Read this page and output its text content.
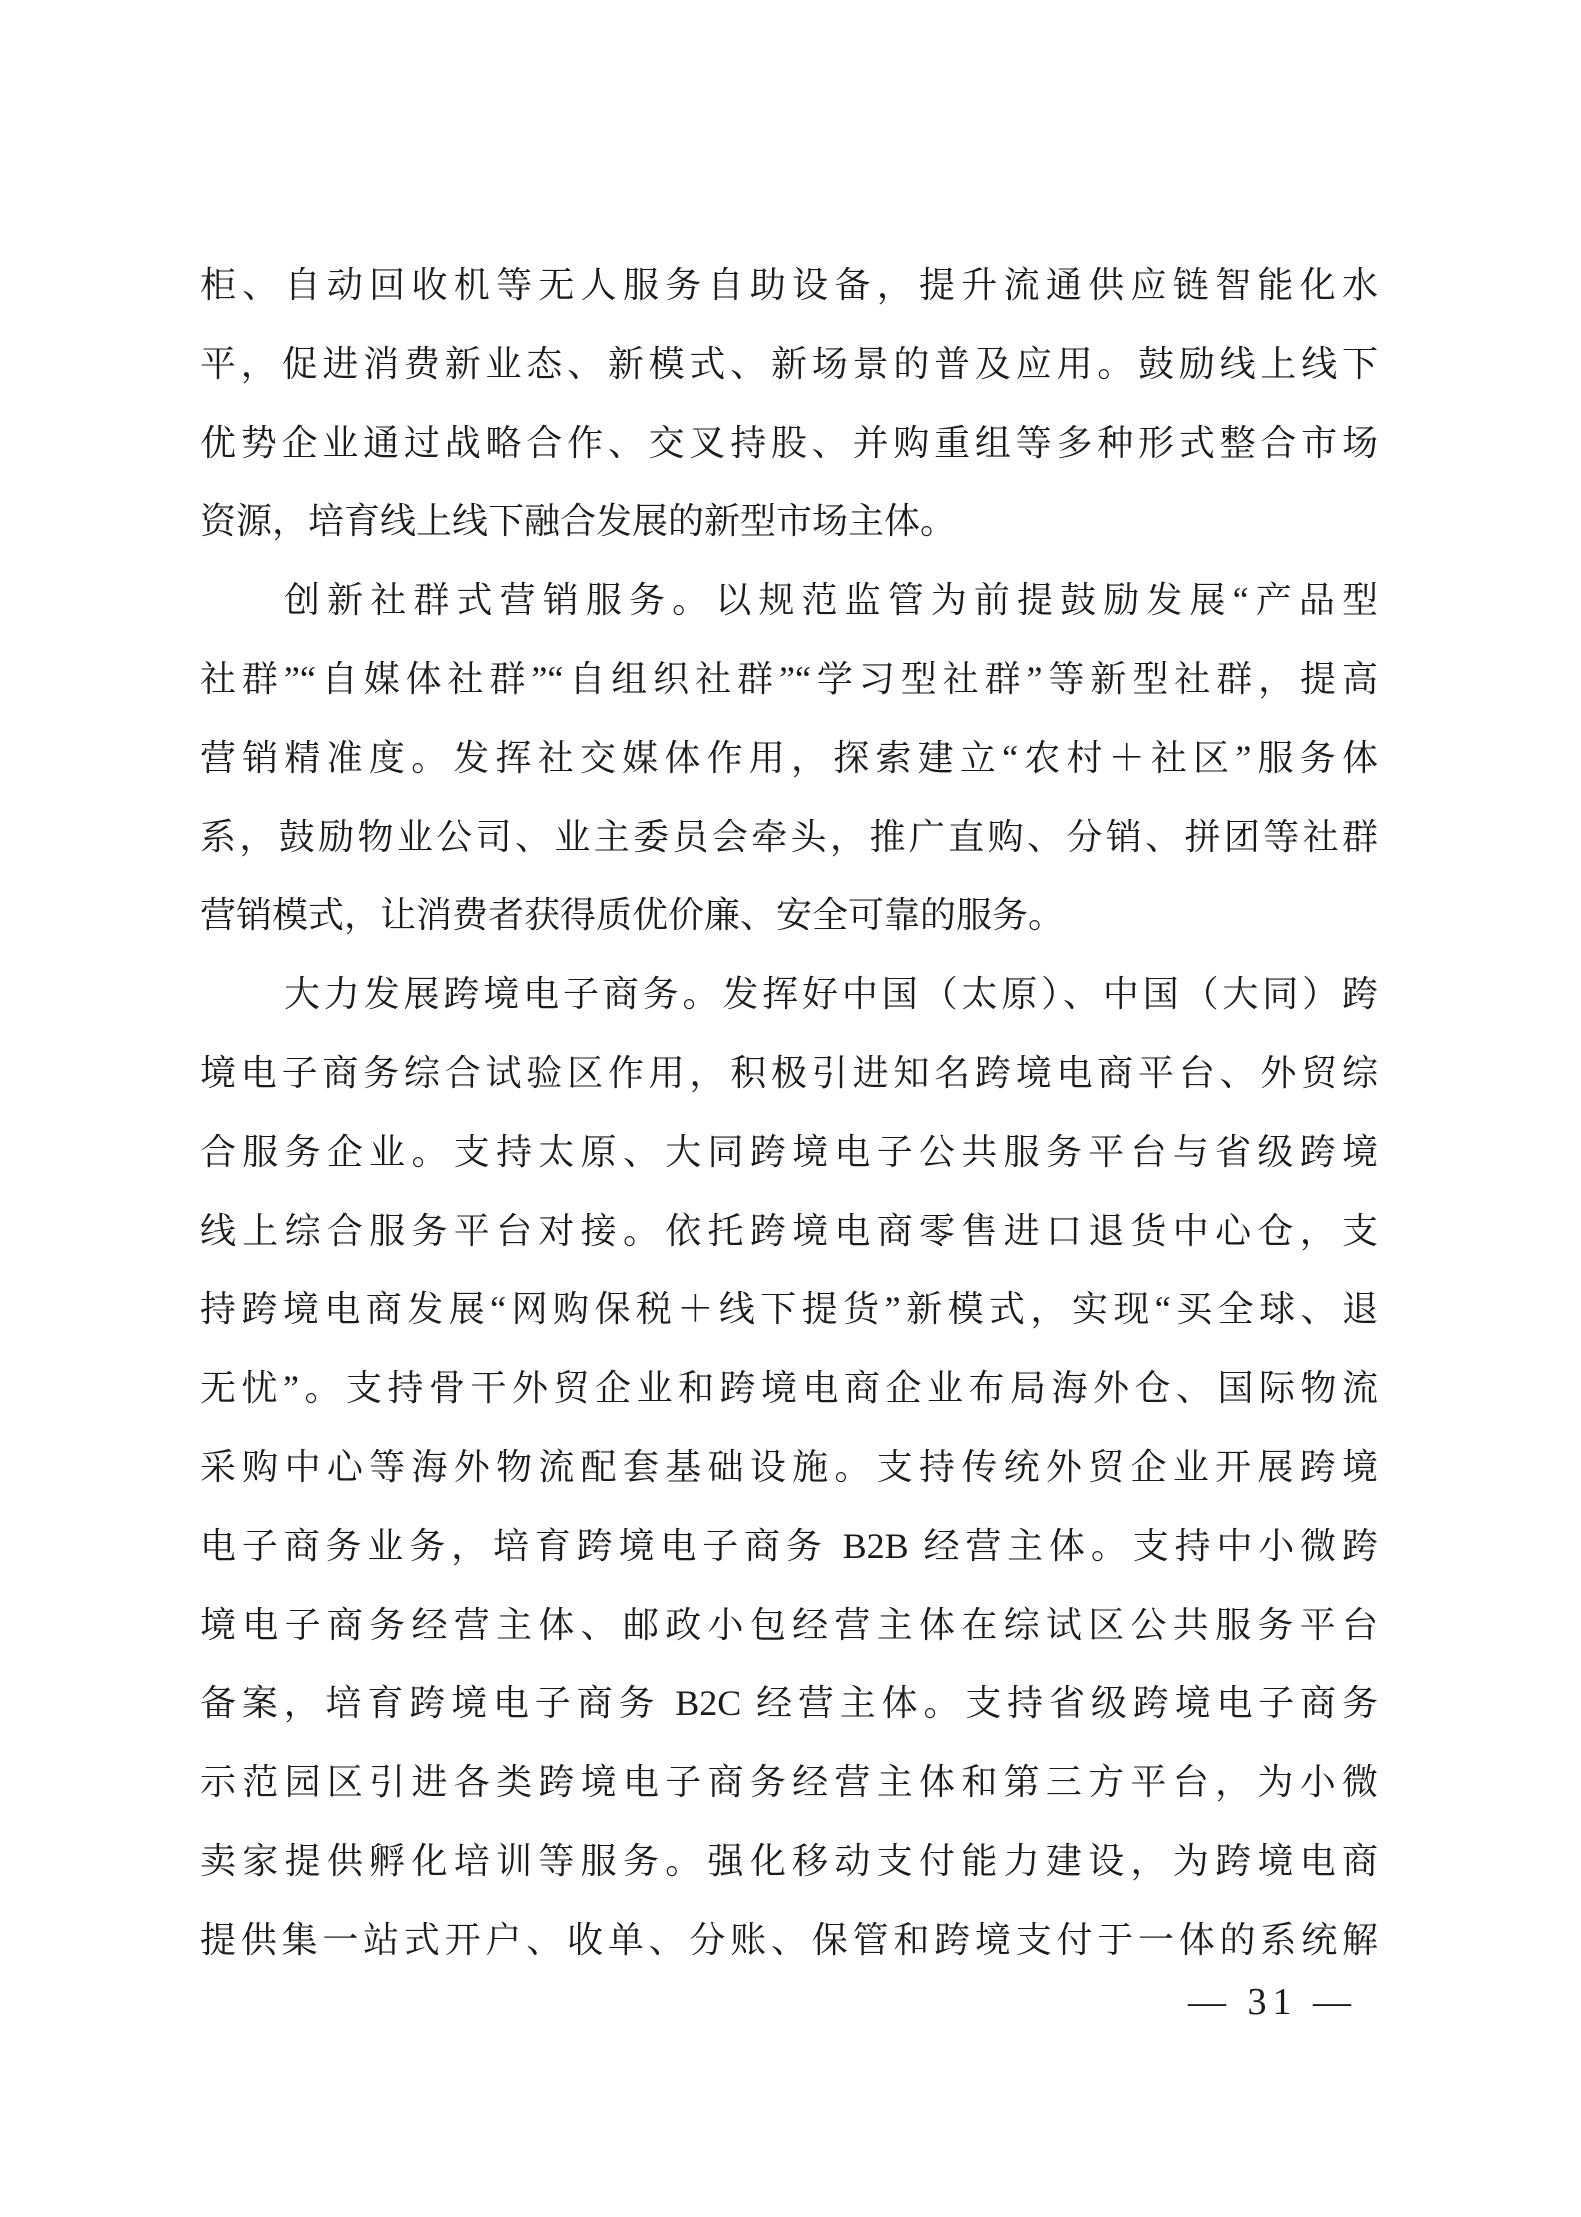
柜、自动回收机等无人服务自助设备，提升流通供应链智能化水
平，促进消费新业态、新模式、新场景的普及应用。鼓励线上线下
优势企业通过战略合作、交叉持股、并购重组等多种形式整合市场
资源，培育线上线下融合发展的新型市场主体。
创新社群式营销服务。以规范监管为前提鼓励发展“产品型
社群”“自媒体社群”“自组织社群”“学习型社群”等新型社群，提高
营销精准度。发挥社交媒体作用，探索建立“农村＋社区”服务体
系，鼓励物业公司、业主委员会牵头，推广直购、分销、拼团等社群
营销模式，让消费者获得质优价廉、安全可靠的服务。
大力发展跨境电子商务。发挥好中国（太原）、中国（大同）跨
境电子商务综合试验区作用，积极引进知名跨境电商平台、外贸综
合服务企业。支持太原、大同跨境电子公共服务平台与省级跨境
线上综合服务平台对接。依托跨境电商零售进口退货中心仓，支
持跨境电商发展“网购保税＋线下提货”新模式，实现“买全球、退
无忧”。支持骨干外贸企业和跨境电商企业布局海外仓、国际物流
采购中心等海外物流配套基础设施。支持传统外贸企业开展跨境
电子商务业务，培育跨境电子商务 B2B 经营主体。支持中小微跨
境电子商务经营主体、邮政小包经营主体在综试区公共服务平台
备案，培育跨境电子商务 B2C 经营主体。支持省级跨境电子商务
示范园区引进各类跨境电子商务经营主体和第三方平台，为小微
卖家提供孵化培训等服务。强化移动支付能力建设，为跨境电商
提供集一站式开户、收单、分账、保管和跨境支付于一体的系统解
— 31 —
